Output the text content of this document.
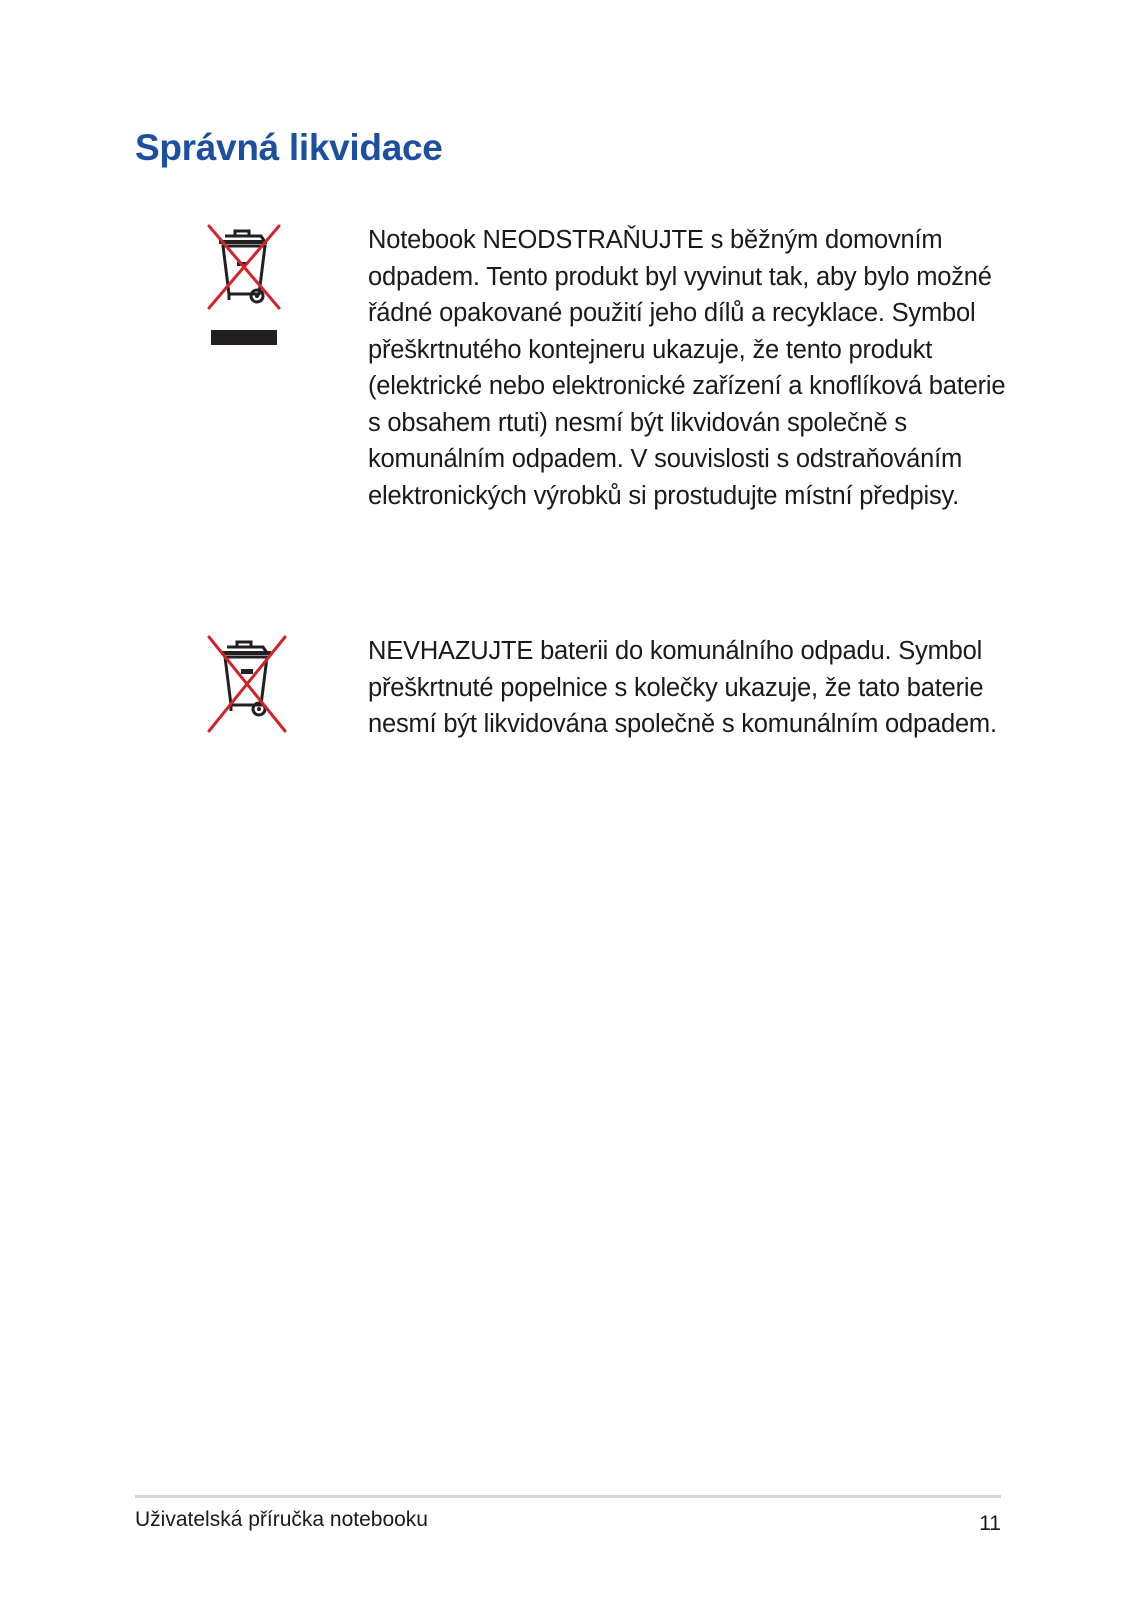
Správná likvidace

Notebook NEODSTRAŇUJTE s běžným domovním odpadem. Tento produkt byl vyvinut tak, aby bylo možné řádné opakované použití jeho dílů a recyklace. Symbol přeškrtnutého kontejneru ukazuje, že tento produkt (elektrické nebo elektronické zařízení a knoflíková baterie s obsahem rtuti) nesmí být likvidován společně s komunálním odpadem. V souvislosti s odstraňováním elektronických výrobků si prostudujte místní předpisy.

NEVHAZUJTE baterii do komunálního odpadu. Symbol přeškrtnuté popelnice s kolečky ukazuje, že tato baterie nesmí být likvidována společně s komunálním odpadem.

Uživatelská příručka notebooku	11
